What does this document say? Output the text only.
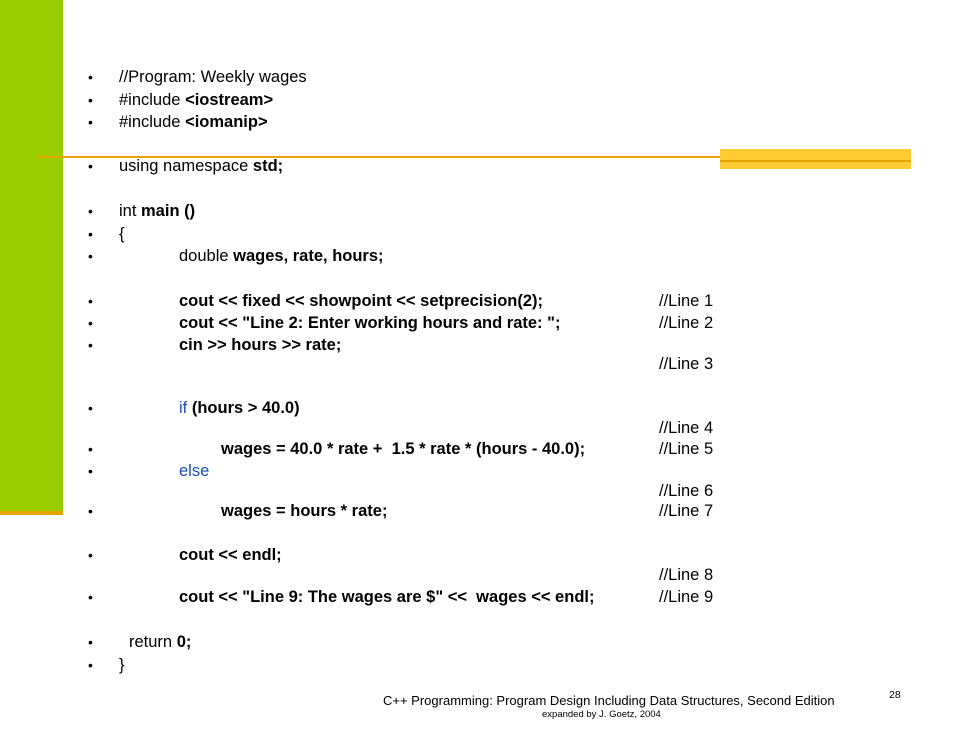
•

//Program: Weekly wages

•

#include <iostream>

•

#include <iomanip>

•

using namespace std;

•

int main ()

•

{

•

	double wages, rate, hours;

•

	cout << fixed << showpoint << setprecision(2);

	//Line 1

•

	cout << "Line 2: Enter working hours and rate: ";

	//Line 2

•

	cin >> hours >> rate;

//Line 3

•

	if (hours > 40.0)

//Line 4

•

	wages = 40.0 * rate +  1.5 * rate * (hours - 40.0);

	//Line 5

•

	else

//Line 6

•

	wages = hours * rate;

	//Line 7

•

	cout << endl;

//Line 8

•

	cout << "Line 9: The wages are $" <<  wages << endl;

	//Line 9

•

return 0;

•

}

C++ Programming: Program Design Including Data Structures, Second Edition
expanded by J. Goetz, 2004
28
